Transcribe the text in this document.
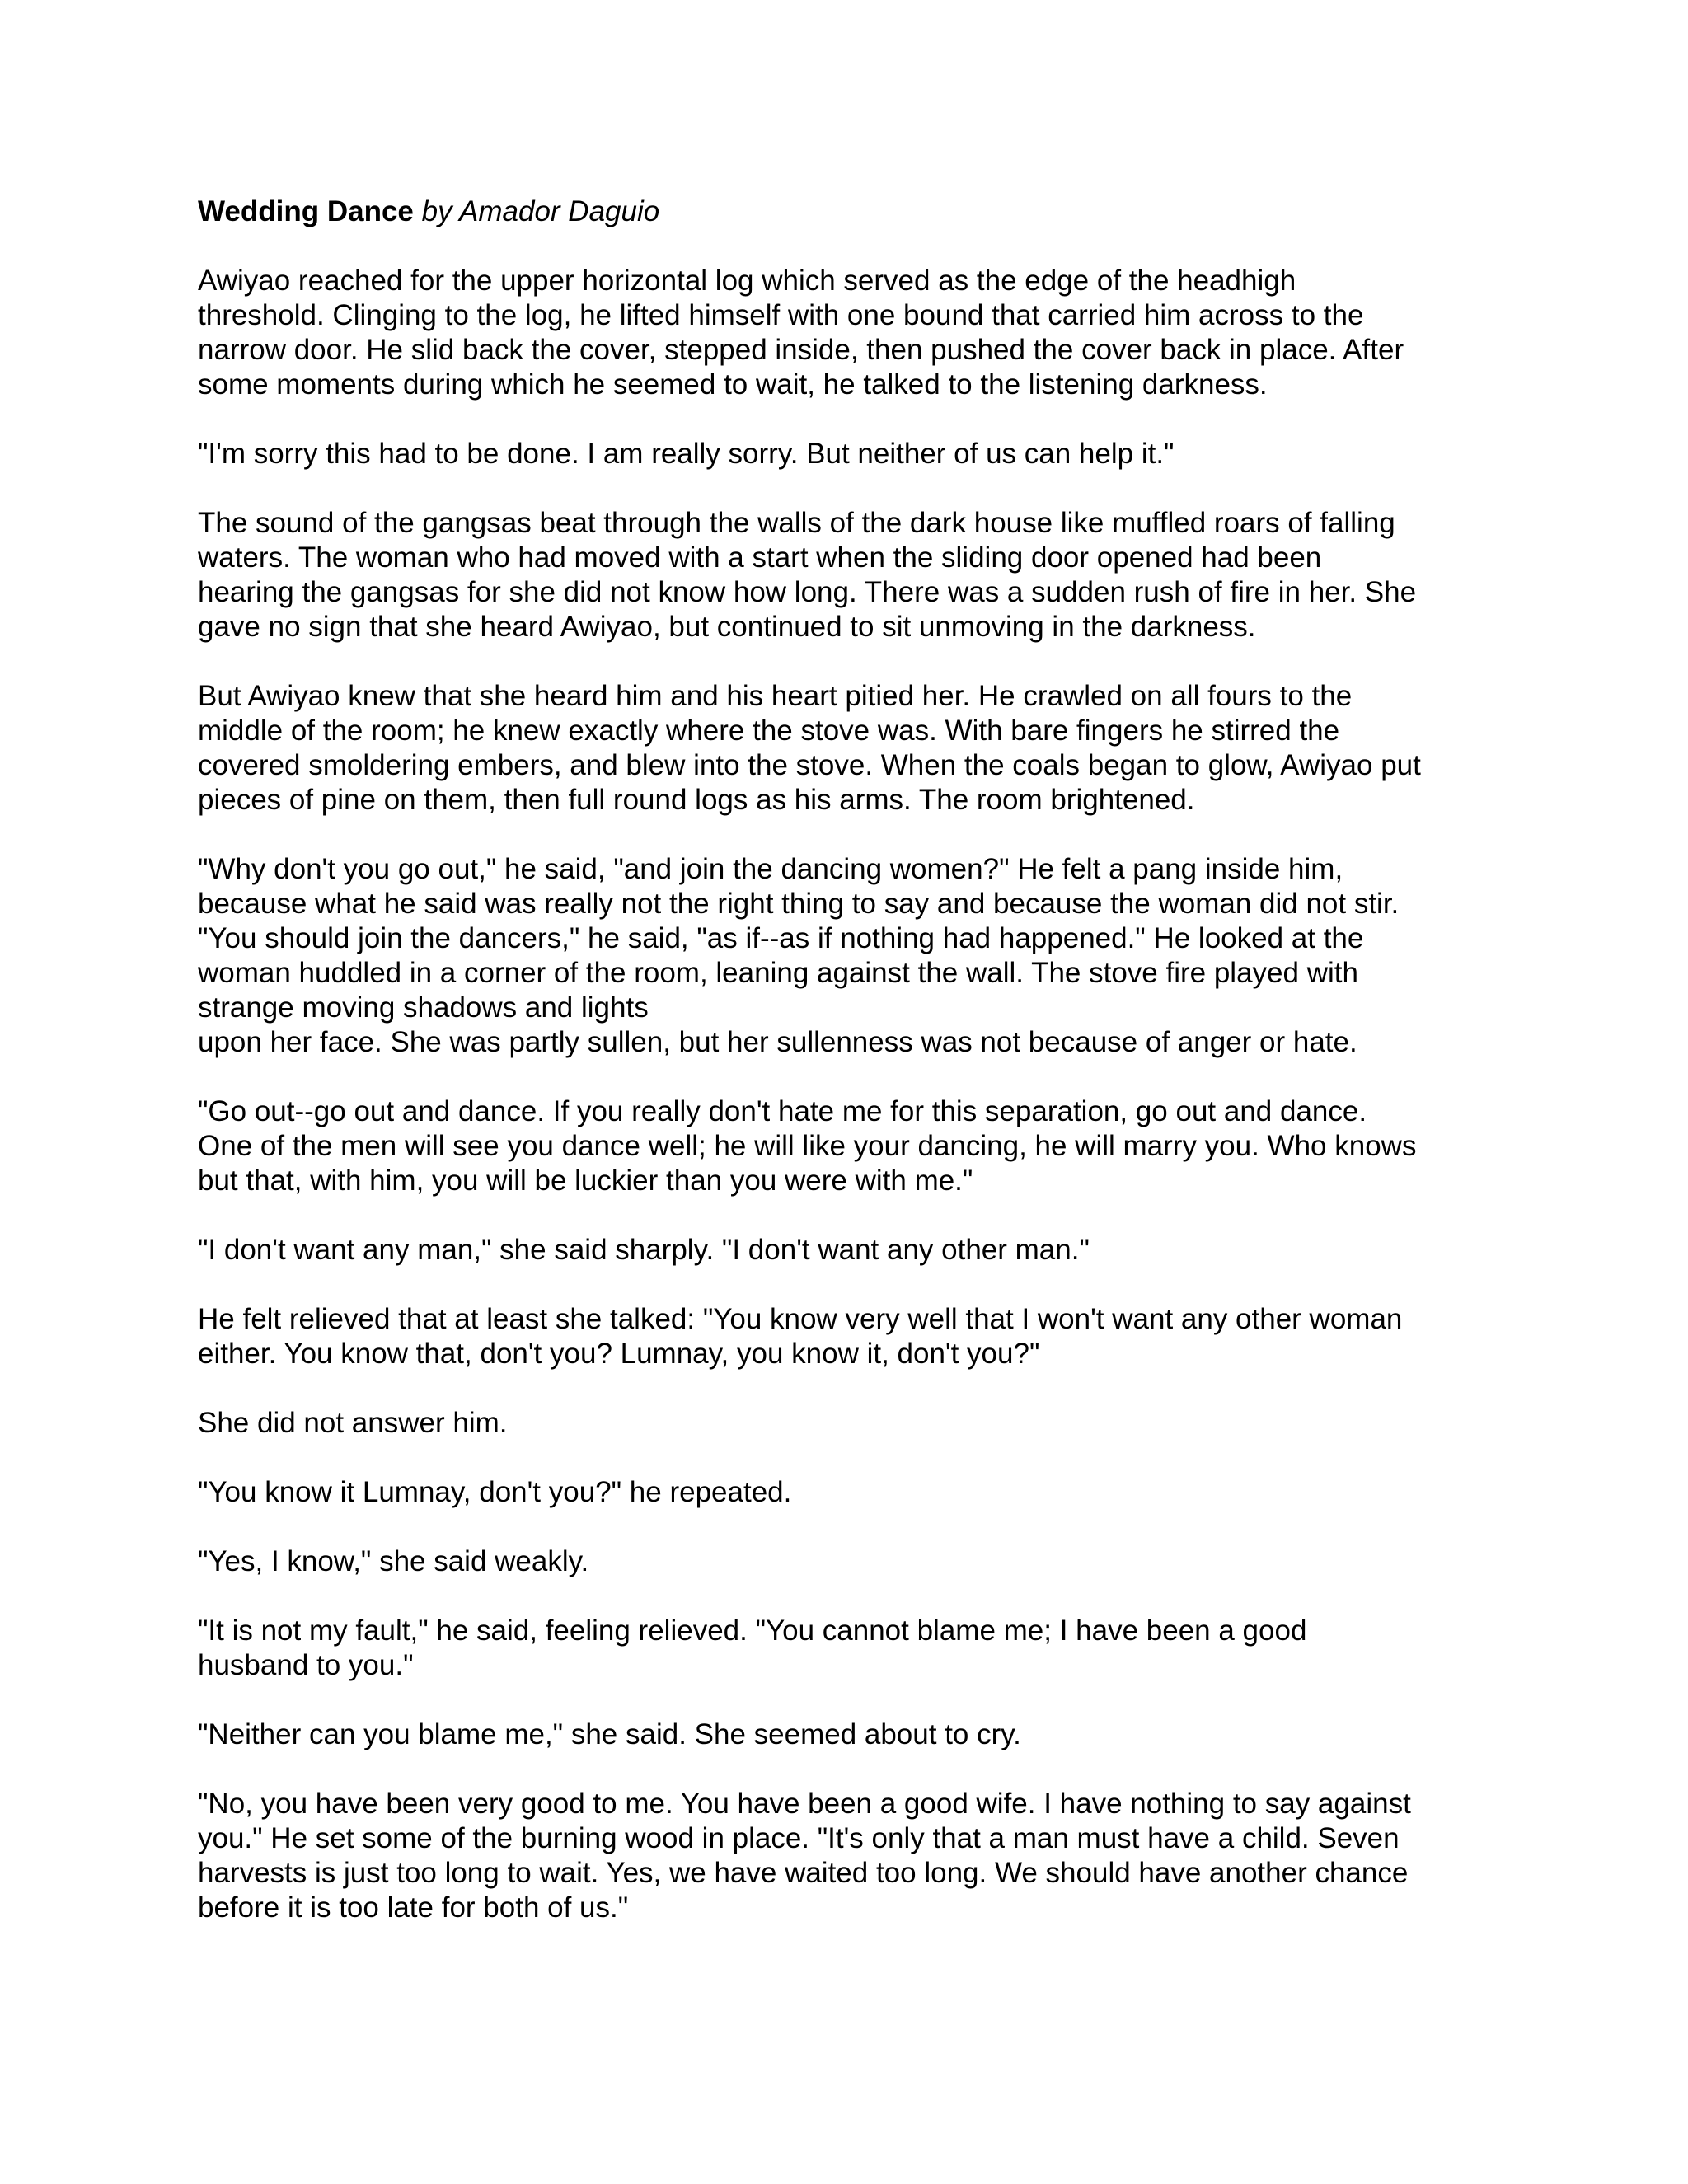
Wedding Dance by Amador Daguio
Awiyao reached for the upper horizontal log which served as the edge of the headhigh
threshold. Clinging to the log, he lifted himself with one bound that carried him across to the
narrow door. He slid back the cover, stepped inside, then pushed the cover back in place. After
some moments during which he seemed to wait, he talked to the listening darkness.
"I'm sorry this had to be done. I am really sorry. But neither of us can help it."
The sound of the gangsas beat through the walls of the dark house like muffled roars of falling
waters. The woman who had moved with a start when the sliding door opened had been
hearing the gangsas for she did not know how long. There was a sudden rush of fire in her. She
gave no sign that she heard Awiyao, but continued to sit unmoving in the darkness.
But Awiyao knew that she heard him and his heart pitied her. He crawled on all fours to the
middle of the room; he knew exactly where the stove was. With bare fingers he stirred the
covered smoldering embers, and blew into the stove. When the coals began to glow, Awiyao put
pieces of pine on them, then full round logs as his arms. The room brightened.
"Why don't you go out," he said, "and join the dancing women?" He felt a pang inside him,
because what he said was really not the right thing to say and because the woman did not stir.
"You should join the dancers," he said, "as if--as if nothing had happened." He looked at the
woman huddled in a corner of the room, leaning against the wall. The stove fire played with
strange moving shadows and lights
upon her face. She was partly sullen, but her sullenness was not because of anger or hate.
"Go out--go out and dance. If you really don't hate me for this separation, go out and dance.
One of the men will see you dance well; he will like your dancing, he will marry you. Who knows
but that, with him, you will be luckier than you were with me."
"I don't want any man," she said sharply. "I don't want any other man."
He felt relieved that at least she talked: "You know very well that I won't want any other woman
either. You know that, don't you? Lumnay, you know it, don't you?"
She did not answer him.
"You know it Lumnay, don't you?" he repeated.
"Yes, I know," she said weakly.
"It is not my fault," he said, feeling relieved. "You cannot blame me; I have been a good
husband to you."
"Neither can you blame me," she said. She seemed about to cry.
"No, you have been very good to me. You have been a good wife. I have nothing to say against
you." He set some of the burning wood in place. "It's only that a man must have a child. Seven
harvests is just too long to wait. Yes, we have waited too long. We should have another chance
before it is too late for both of us."
